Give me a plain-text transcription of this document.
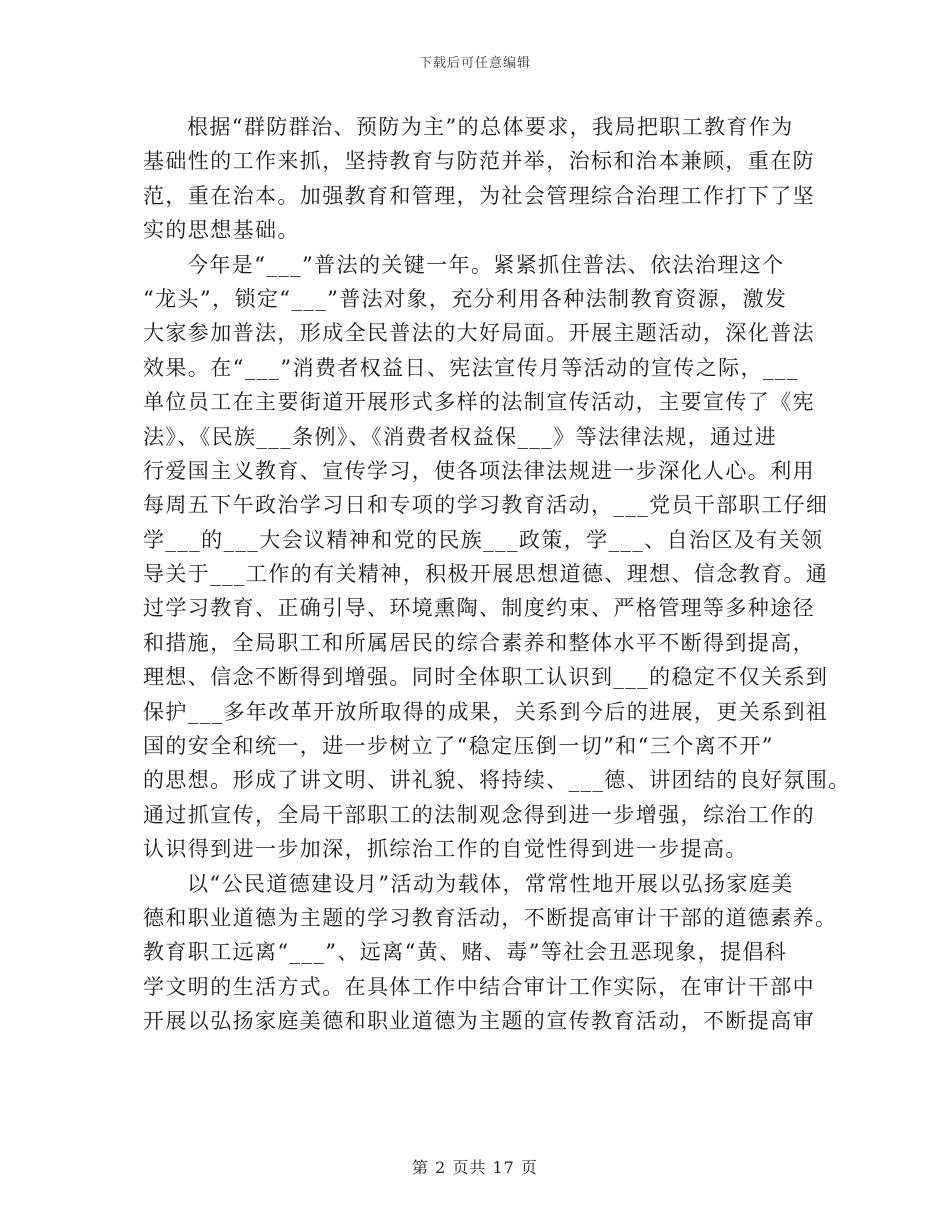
下载后可任意编辑
根据“群防群治、预防为主”的总体要求，我局把职工教育作为
基础性的工作来抓，坚持教育与防范并举，治标和治本兼顾，重在防
范，重在治本。加强教育和管理，为社会管理综合治理工作打下了坚
实的思想基础。
今年是“___”普法的关键一年。紧紧抓住普法、依法治理这个
“龙头”，锁定“___”普法对象，充分利用各种法制教育资源，激发
大家参加普法，形成全民普法的大好局面。开展主题活动，深化普法
效果。在“___”消费者权益日、宪法宣传月等活动的宣传之际，___
单位员工在主要街道开展形式多样的法制宣传活动，主要宣传了《宪
法》、《民族___条例》、《消费者权益保___》等法律法规，通过进
行爱国主义教育、宣传学习，使各项法律法规进一步深化人心。利用
每周五下午政治学习日和专项的学习教育活动，___党员干部职工仔细
学___的___大会议精神和党的民族___政策，学___、自治区及有关领
导关于___工作的有关精神，积极开展思想道德、理想、信念教育。通
过学习教育、正确引导、环境熏陶、制度约束、严格管理等多种途径
和措施，全局职工和所属居民的综合素养和整体水平不断得到提高，
理想、信念不断得到增强。同时全体职工认识到___的稳定不仅关系到
保护___多年改革开放所取得的成果，关系到今后的进展，更关系到祖
国的安全和统一，进一步树立了“稳定压倒一切”和“三个离不开”
的思想。形成了讲文明、讲礼貌、将持续、___德、讲团结的良好氛围。
通过抓宣传，全局干部职工的法制观念得到进一步增强，综治工作的
认识得到进一步加深，抓综治工作的自觉性得到进一步提高。
以“公民道德建设月”活动为载体，常常性地开展以弘扬家庭美
德和职业道德为主题的学习教育活动，不断提高审计干部的道德素养。
教育职工远离“___”、远离“黄、赌、毒”等社会丑恶现象，提倡科
学文明的生活方式。在具体工作中结合审计工作实际，在审计干部中
开展以弘扬家庭美德和职业道德为主题的宣传教育活动，不断提高审
第 2 页共 17 页
